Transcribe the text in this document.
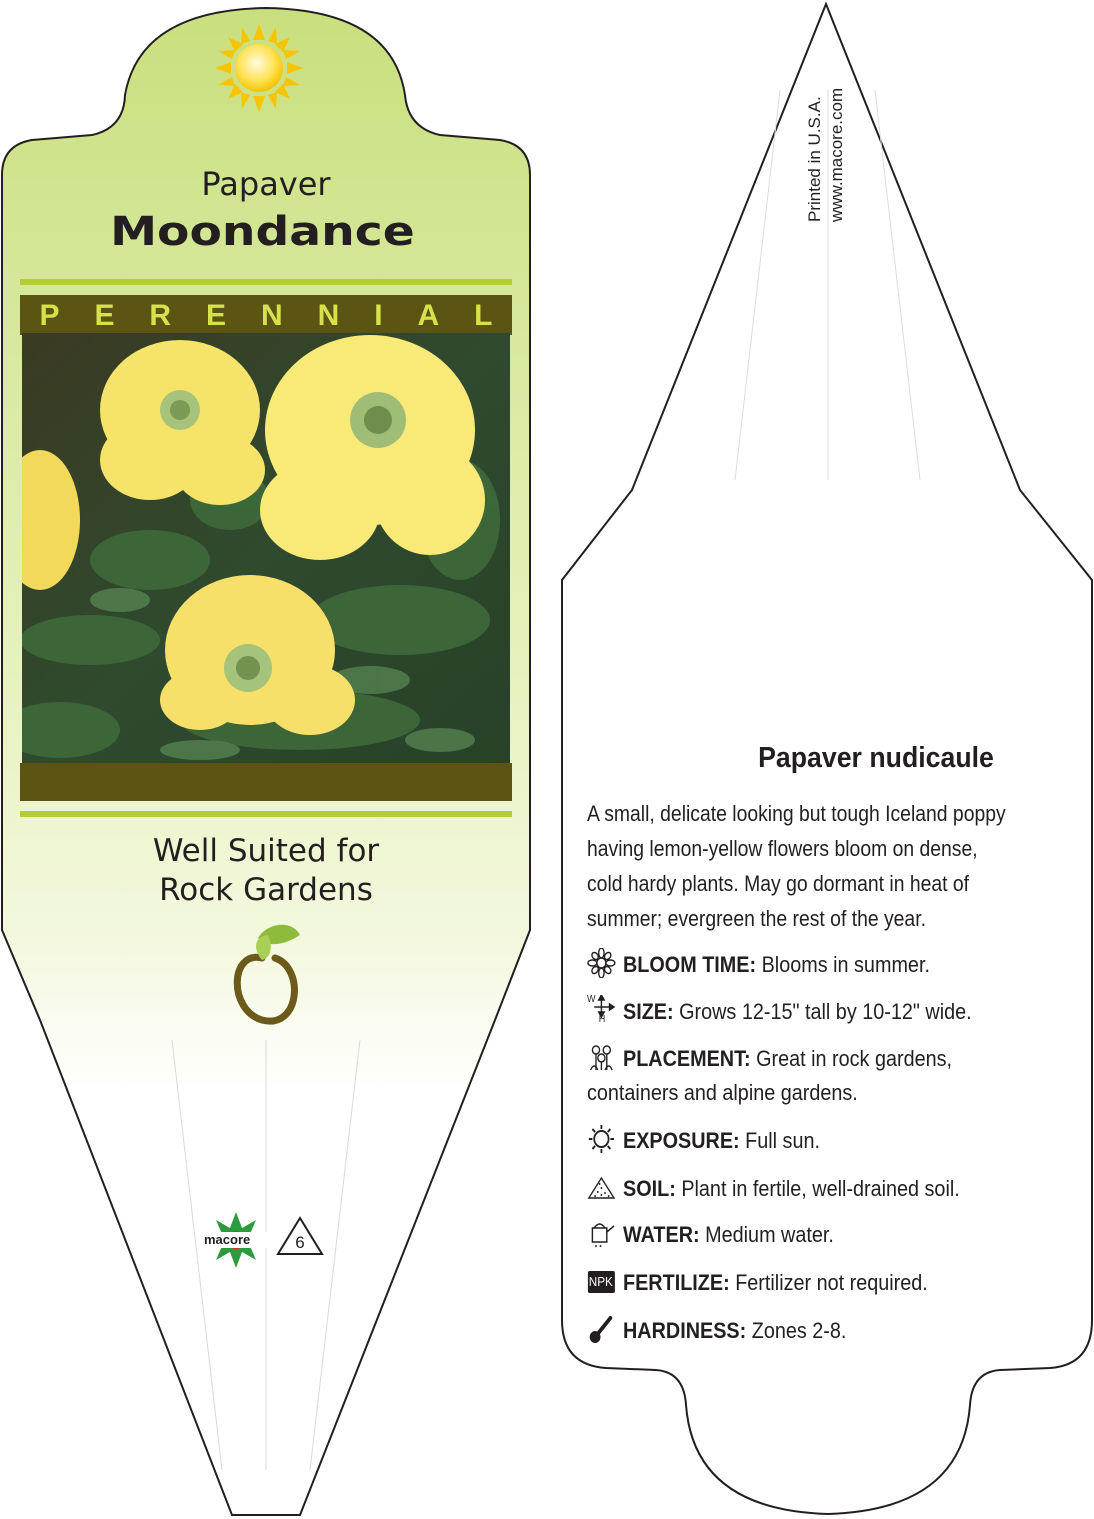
Papaver

Moondance

P E R E N N I A L
Well Suited for
Rock Gardens
macore	6
Printed in U.S.A. www.macore.com

Papaver nudicaule

A small, delicate looking but tough Iceland poppy having lemon-yellow flowers bloom on dense, cold hardy plants. May go dormant in heat of summer; evergreen the rest of the year.

BLOOM TIME: Blooms in summer.
W
H SIZE: Grows 12-15" tall by 10-12" wide.
PLACEMENT: Great in rock gardens, containers and alpine gardens.
EXPOSURE: Full sun.
SOIL: Plant in fertile, well-drained soil.
WATER: Medium water.
NPK FERTILIZE: Fertilizer not required.
HARDINESS: Zones 2-8.
